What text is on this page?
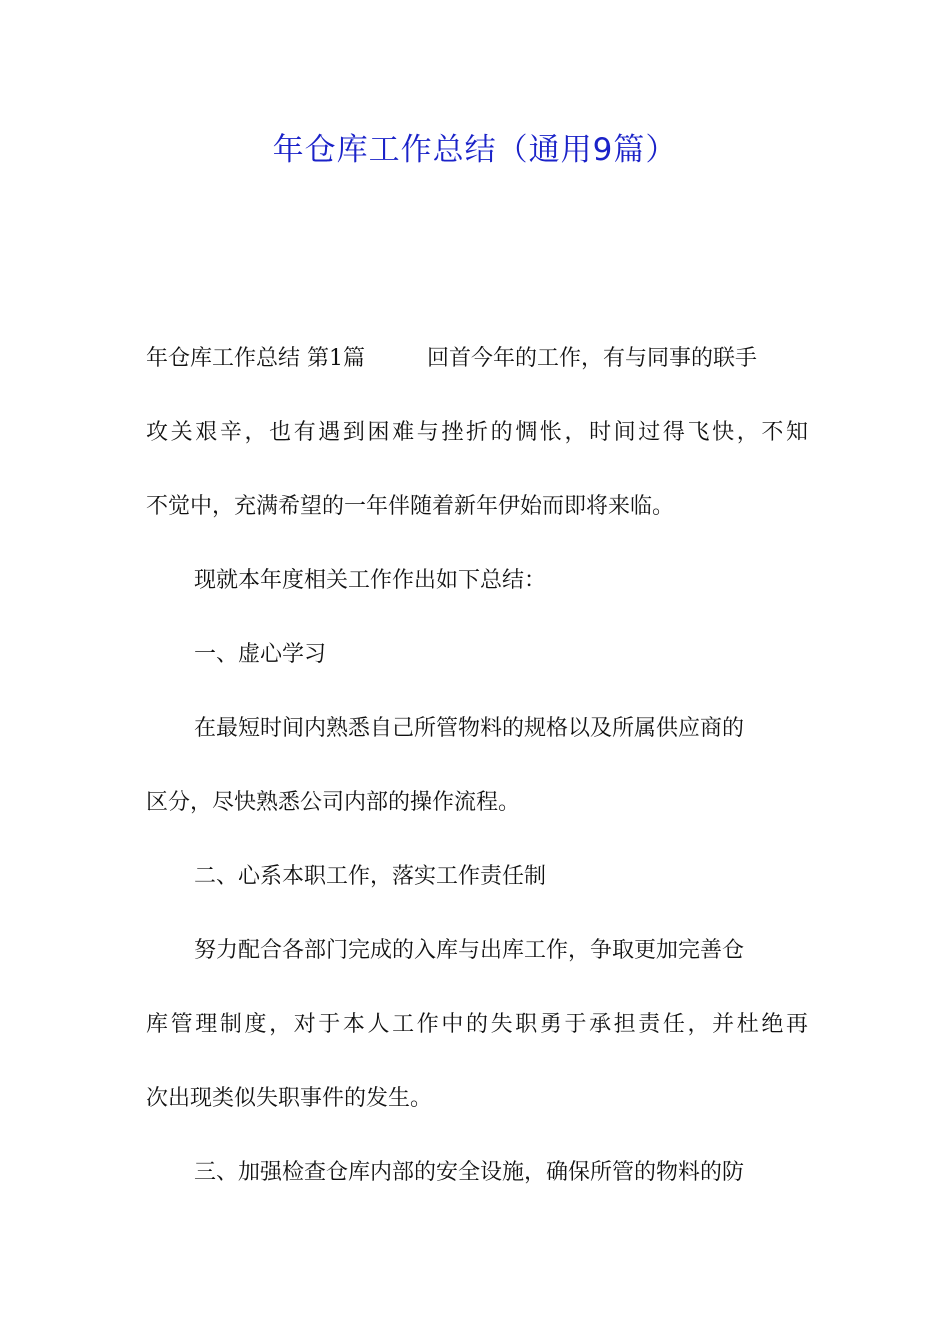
年仓库工作总结（通用9篇）
年仓库工作总结 第1篇	回首今年的工作，有与同事的联手
攻关艰辛，也有遇到困难与挫折的惆怅，时间过得飞快，不知
不觉中，充满希望的一年伴随着新年伊始而即将来临。
现就本年度相关工作作出如下总结：
一、虚心学习
在最短时间内熟悉自己所管物料的规格以及所属供应商的
区分，尽快熟悉公司内部的操作流程。
二、心系本职工作，落实工作责任制
努力配合各部门完成的入库与出库工作，争取更加完善仓
库管理制度，对于本人工作中的失职勇于承担责任，并杜绝再
次出现类似失职事件的发生。
三、加强检查仓库内部的安全设施，确保所管的物料的防
